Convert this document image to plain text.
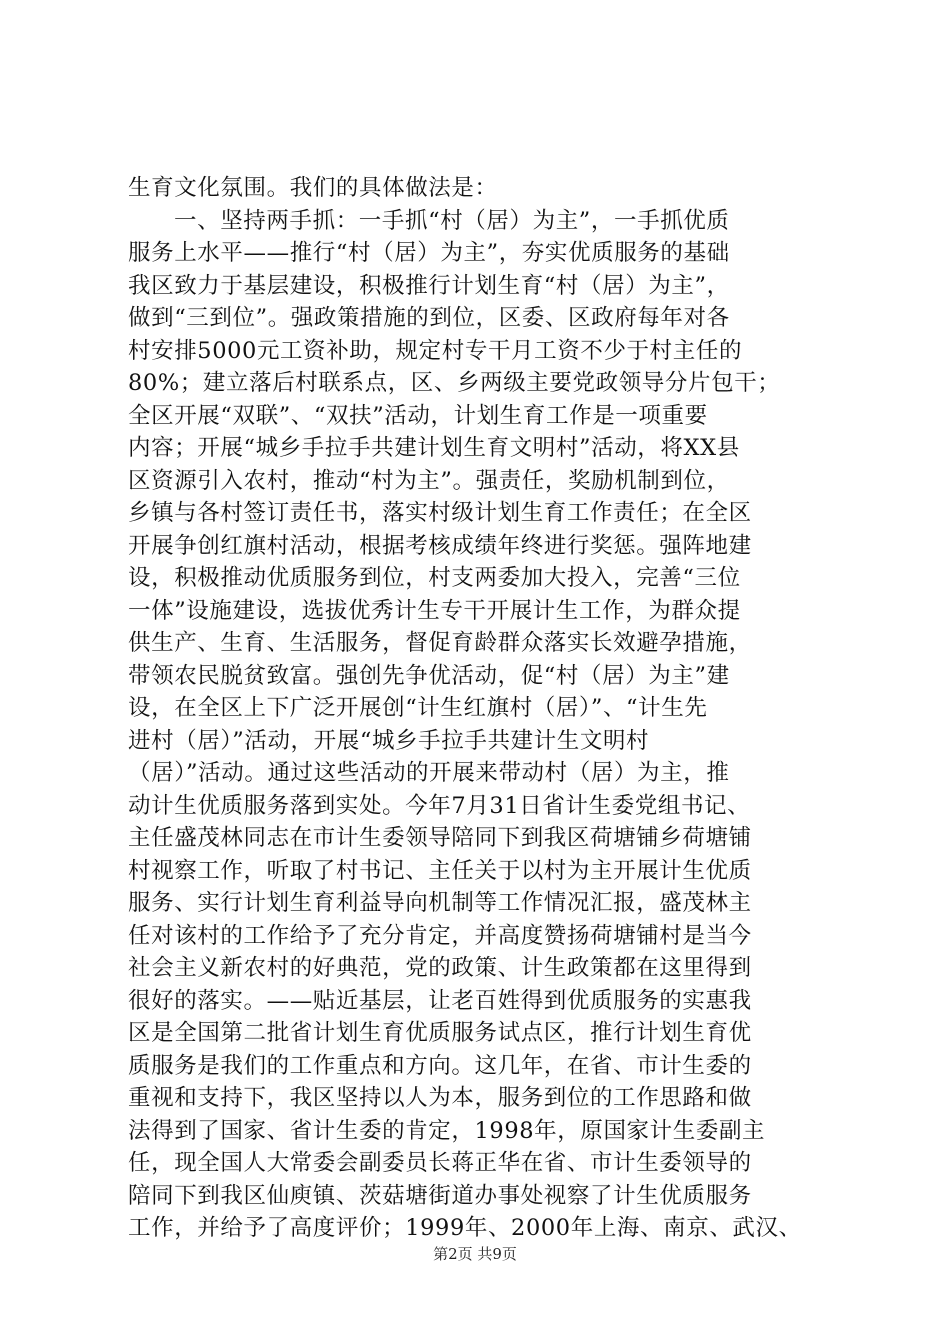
生育文化氛围。我们的具体做法是：
一、坚持两手抓：一手抓“村（居）为主”，一手抓优质
服务上水平——推行“村（居）为主”，夯实优质服务的基础
我区致力于基层建设，积极推行计划生育“村（居）为主”，
做到“三到位”。强政策措施的到位，区委、区政府每年对各
村安排5000元工资补助，规定村专干月工资不少于村主任的
80%；建立落后村联系点，区、乡两级主要党政领导分片包干；
全区开展“双联”、“双扶”活动，计划生育工作是一项重要
内容；开展“城乡手拉手共建计划生育文明村”活动，将XX县
区资源引入农村，推动“村为主”。强责任，奖励机制到位，
乡镇与各村签订责任书，落实村级计划生育工作责任；在全区
开展争创红旗村活动，根据考核成绩年终进行奖惩。强阵地建
设，积极推动优质服务到位，村支两委加大投入，完善“三位
一体”设施建设，选拔优秀计生专干开展计生工作，为群众提
供生产、生育、生活服务，督促育龄群众落实长效避孕措施，
带领农民脱贫致富。强创先争优活动，促“村（居）为主”建
设，在全区上下广泛开展创“计生红旗村（居）”、“计生先
进村（居）”活动，开展“城乡手拉手共建计生文明村
（居）”活动。通过这些活动的开展来带动村（居）为主，推
动计生优质服务落到实处。今年7月31日省计生委党组书记、
主任盛茂林同志在市计生委领导陪同下到我区荷塘铺乡荷塘铺
村视察工作，听取了村书记、主任关于以村为主开展计生优质
服务、实行计划生育利益导向机制等工作情况汇报，盛茂林主
任对该村的工作给予了充分肯定，并高度赞扬荷塘铺村是当今
社会主义新农村的好典范，党的政策、计生政策都在这里得到
很好的落实。——贴近基层，让老百姓得到优质服务的实惠我
区是全国第二批省计划生育优质服务试点区，推行计划生育优
质服务是我们的工作重点和方向。这几年，在省、市计生委的
重视和支持下，我区坚持以人为本，服务到位的工作思路和做
法得到了国家、省计生委的肯定，1998年，原国家计生委副主
任，现全国人大常委会副委员长蒋正华在省、市计生委领导的
陪同下到我区仙庾镇、茨菇塘街道办事处视察了计生优质服务
工作，并给予了高度评价；1999年、2000年上海、南京、武汉、
第2页 共9页
